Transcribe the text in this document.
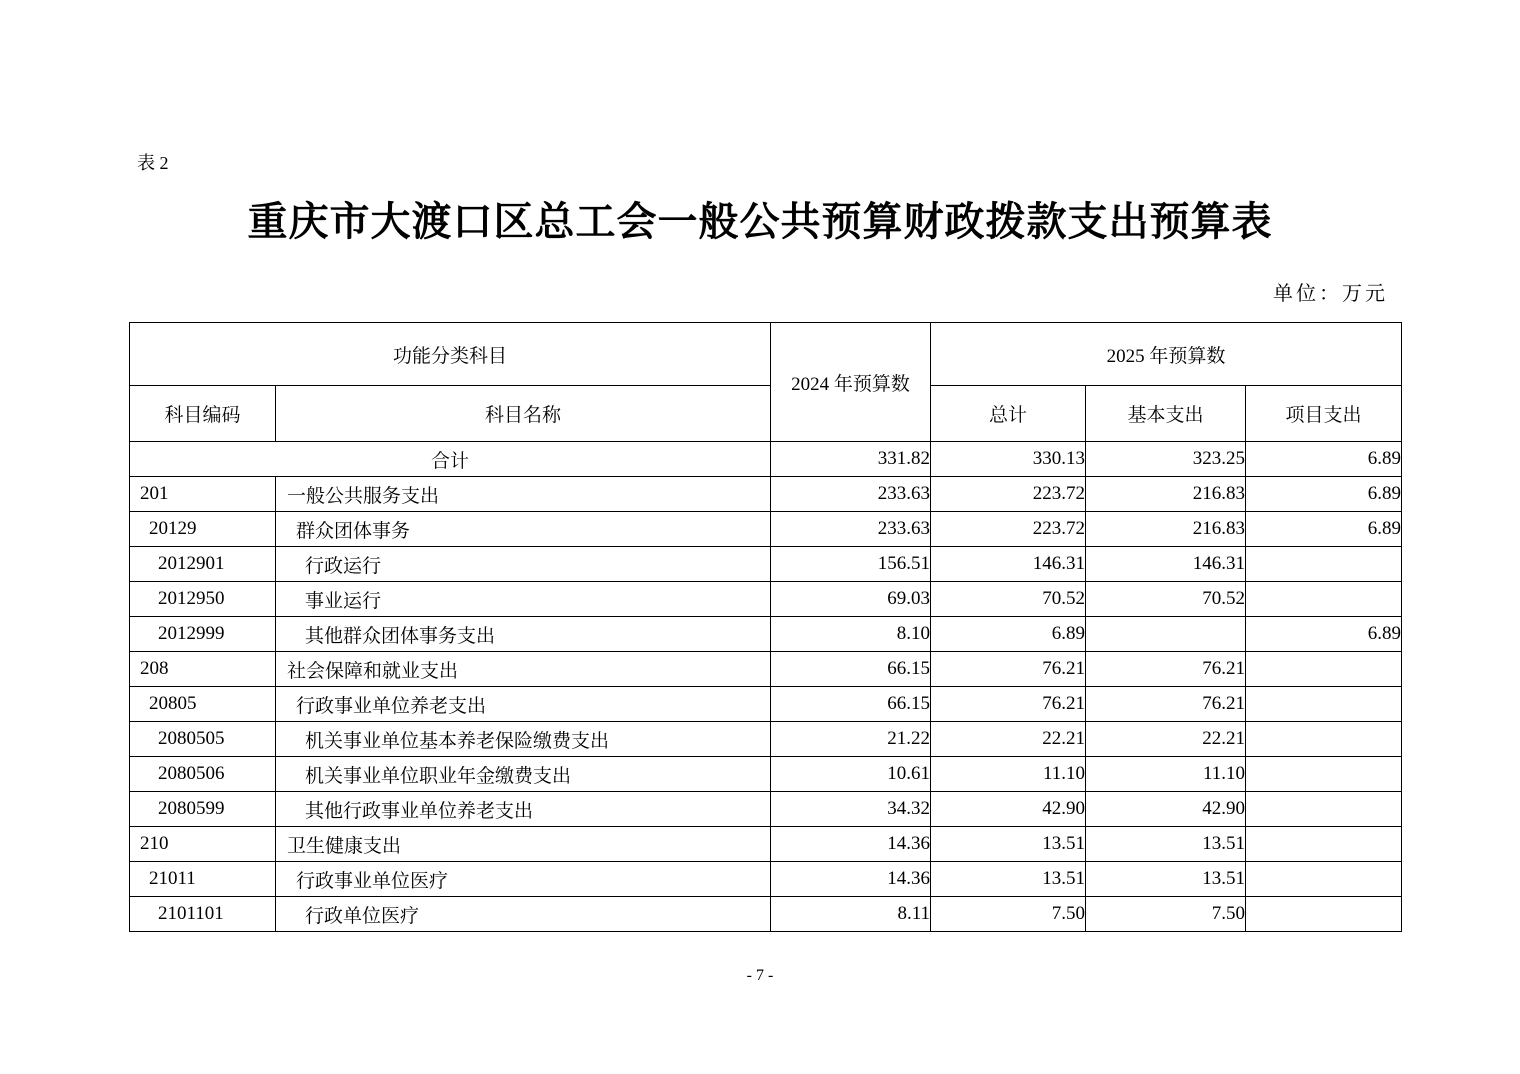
表 2
重庆市大渡口区总工会一般公共预算财政拨款支出预算表
单位：万元
功能分类科目		2024 年预算数	2025 年预算数		
科目编码	科目名称		总计	基本支出	项目支出
合计		331.82	330.13	323.25	6.89
201	一般公共服务支出	233.63	223.72	216.83	6.89
20129	群众团体事务	233.63	223.72	216.83	6.89
2012901	行政运行	156.51	146.31	146.31	
2012950	事业运行	69.03	70.52	70.52	
2012999	其他群众团体事务支出	8.10	6.89		6.89
208	社会保障和就业支出	66.15	76.21	76.21	
20805	行政事业单位养老支出	66.15	76.21	76.21	
2080505	机关事业单位基本养老保险缴费支出	21.22	22.21	22.21	
2080506	机关事业单位职业年金缴费支出	10.61	11.10	11.10	
2080599	其他行政事业单位养老支出	34.32	42.90	42.90	
210	卫生健康支出	14.36	13.51	13.51	
21011	行政事业单位医疗	14.36	13.51	13.51	
2101101	行政单位医疗	8.11	7.50	7.50	
- 7 -
